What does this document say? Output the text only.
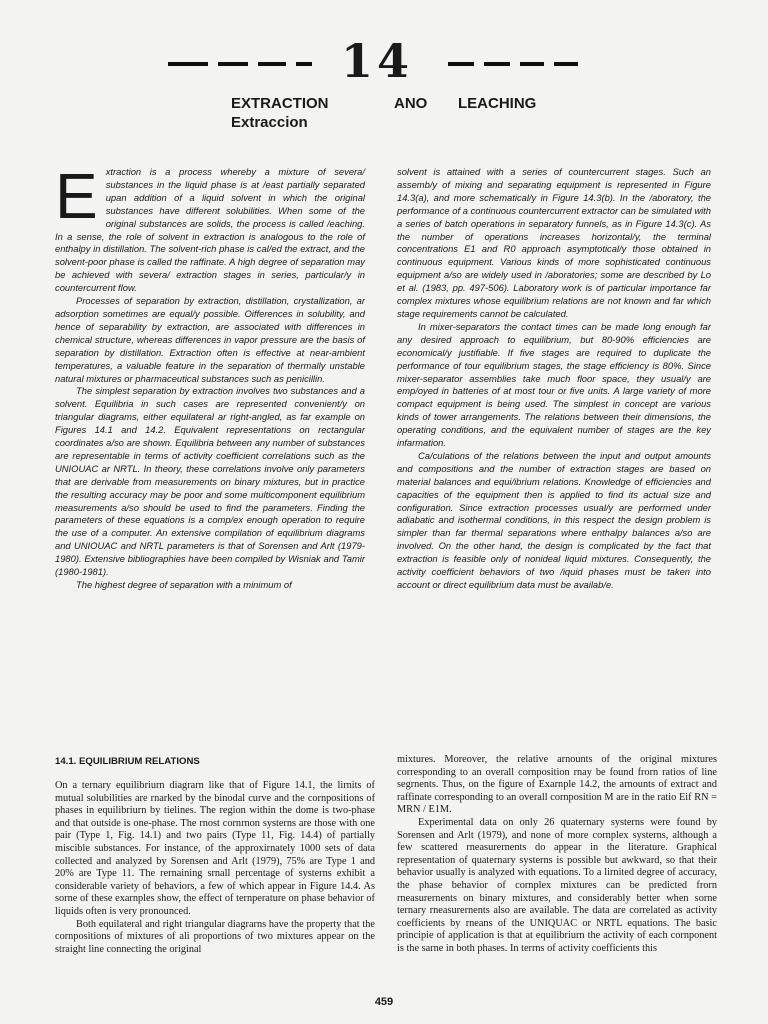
14
EXTRACTION	ANO LEACHING
Extraccion

Extraction is a process whereby a mixture of severa/ substances in the liquid phase is at /east partially separated upan addition of a liquid solvent in which the original substances have different solubilities. When some of the original substances are solids, the process is called /eaching. In a sense, the role of solvent in extraction is analogous to the role of enthalpy in distillation. The solvent-rich phase is cal/ed the extract, and the solvent-poor phase is called the raffinate. A high degree of separation may be achieved with severa/ extraction stages in series, particular/y in countercurrent flow.

Processes of separation by extraction, distillation, crystallization, ar adsorption sometimes are equal/y possible. Oifferences in solubility, and hence of separability by extraction, are associated with differences in chemical structure, whereas differences in vapor pressure are the basis of separation by distillation. Extraction often is effective at near-ambient temperatures, a valuable feature in the separation of thermally unstable natural mixtures or pharmaceutical substances such as penicillin.

The simplest separation by extraction involves two substances and a solvent. Equilibria in such cases are represented convenient/y on triangular diagrams, either equilateral ar right-angled, as far example on Figures 14.1 and 14.2. Equivalent representations on rectangular coordinates a/so are shown. Equilibria between any number of substances are representable in terms of activity coefficient correlations such as the UNIOUAC ar NRTL. In theory, these correlations involve only parameters that are derivable from measurements on binary mixtures, but in practice the resulting accuracy may be poor and some multicomponent equilibrium measurements a/so should be used to find the parameters. Finding the parameters of these equations is a comp/ex enough operation to require the use of a computer. An extensive compilation of equilibrium diagrams and UNIOUAC and NRTL parameters is that of Sorensen and Arlt (1979-1980). Extensive bibliographies have been compiled by Wisniak and Tamir (1980-1981).

The highest degree of separation with a minimum of

solvent is attained with a series of countercurrent stages. Such an assemb/y of mixing and separating equipment is represented in Figure 14.3(a), and more schematical/y in Figure 14.3(b). In the /aboratory, the performance of a continuous countercurrent extractor can be simulated with a series of batch operations in separatory funnels, as in Figure 14.3(c). As the number of operations increases horizontal/y, the terminal concentrations E1 and R0 approach asymptotical/y those obtained in continuous equipment. Various kinds of more sophisticated continuous equipment a/so are widely used in /aboratories; some are described by Lo et al. (1983, pp. 497-506). Laboratory work is of particular importance far complex mixtures whose equilibrium relations are not known and far which stage requirements cannot be calculated.

In mixer-separators the contact times can be made long enough far any desired approach to equilibrium, but 80-90% efficiencies are economical/y justifiable. If five stages are required to duplicate the performance of tour equilibrium stages, the stage efficiency is 80%. Since mixer-separator assemblies take much floor space, they usual/y are emp/oyed in batteries of at most tour or five units. A large variety of more compact equipment is being used. The simplest in concept are various kinds of tower arrangements. The relations between their dimensions, the operating conditions, and the equivalent number of stages are the key infarmation.

Ca/culations of the relations between the input and output amounts and compositions and the number of extraction stages are based on material balances and equi/ibrium relations. Knowledge of efficiencies and capacities of the equipment then is applied to find its actual size and configuration. Since extraction processes usual/y are performed under adiabatic and isothermal conditions, in this respect the design problem is simpler than far thermal separations where enthalpy balances a/so are involved. On the other hand, the design is complicated by the fact that extraction is feasible only of nonideal liquid mixtures. Consequently, the activity coefficient behaviors of two /iquid phases must be taken into account or direct equilibrium data must be availab/e.

14.1. EQUILIBRIUM RELATIONS

On a ternary equilibriurn diagrarn like that of Figure 14.1, the lirnits of mutual solubilities are rnarked by the binodal curve and the cornpositions of phases in equilibriurn by tielines. The region within the dome is two-phase and that outside is one-phase. The rnost cornrnon systerns are those with one pair (Type 1, Fig. 14.1) and two pairs (Type 11, Fig. 14.4) of partially miscible substances. For instance, of the approxirnately 1000 sets of data collected and analyzed by Sorensen and Arlt (1979), 75% are Type 1 and 20% are Type 11. The rernaining srnall percentage of systerns exhibit a considerable variety of behaviors, a few of which appear in Figure 14.4. As sorne of these exarnples show, the effect of ternperature on phase behavior of liquids often is very pronounced.

Both equilateral and right triangular diagrarns have the property that the cornpositions of mixtures of ali proportions of two mixtures appear on the straight line connecting the original

mixtures. Moreover, the relative arnounts of the original mixtures corresponding to an overall cornposition rnay be found frorn ratios of line segrnents. Thus, on the figure of Exarnple 14.2, the arnounts of extract and raffinate corresponding to an overall cornposition M are in the ratio Eif RN = MRN / E1M.

Experimental data on only 26 quaternary systerns were found by Sorensen and Arlt (1979), and none of more cornplex systerns, although a few scattered rneasurernents do appear in the literature. Graphical representation of quaternary systerns is possible but awkward, so that their behavior usually is analyzed with equations. To a lirnited degree of accuracy, the phase behavior of cornplex mixtures can be predicted frorn rneasurernents on binary mixtures, and considerably better when sorne ternary rneasurernents also are available. The data are correlated as activity coefficients by rneans of the UNIQUAC or NRTL equations. The basic principie of application is that at equilibriurn the activity of each cornponent is the sarne in both phases. In terrns of activity coefficients this

459
